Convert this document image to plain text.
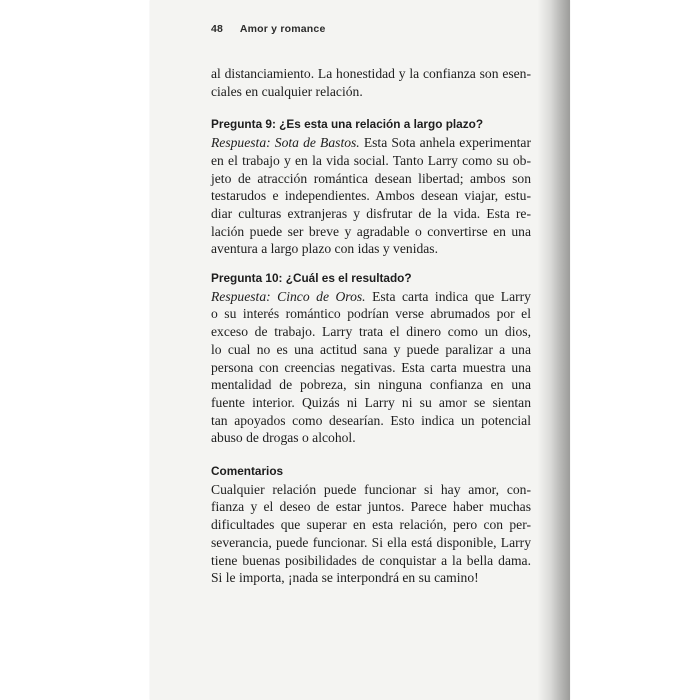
48 Amor y romance
al distanciamiento. La honestidad y la confianza son esen-
ciales en cualquier relación.
Pregunta 9: ¿Es esta una relación a largo plazo?
Respuesta: Sota de Bastos. Esta Sota anhela experimentar
en el trabajo y en la vida social. Tanto Larry como su ob-
jeto de atracción romántica desean libertad; ambos son
testarudos e independientes. Ambos desean viajar, estu-
diar culturas extranjeras y disfrutar de la vida. Esta re-
lación puede ser breve y agradable o convertirse en una
aventura a largo plazo con idas y venidas.
Pregunta 10: ¿Cuál es el resultado?
Respuesta: Cinco de Oros. Esta carta indica que Larry
o su interés romántico podrían verse abrumados por el
exceso de trabajo. Larry trata el dinero como un dios,
lo cual no es una actitud sana y puede paralizar a una
persona con creencias negativas. Esta carta muestra una
mentalidad de pobreza, sin ninguna confianza en una
fuente interior. Quizás ni Larry ni su amor se sientan
tan apoyados como desearían. Esto indica un potencial
abuso de drogas o alcohol.
Comentarios
Cualquier relación puede funcionar si hay amor, con-
fianza y el deseo de estar juntos. Parece haber muchas
dificultades que superar en esta relación, pero con per-
severancia, puede funcionar. Si ella está disponible, Larry
tiene buenas posibilidades de conquistar a la bella dama.
Si le importa, ¡nada se interpondrá en su camino!
